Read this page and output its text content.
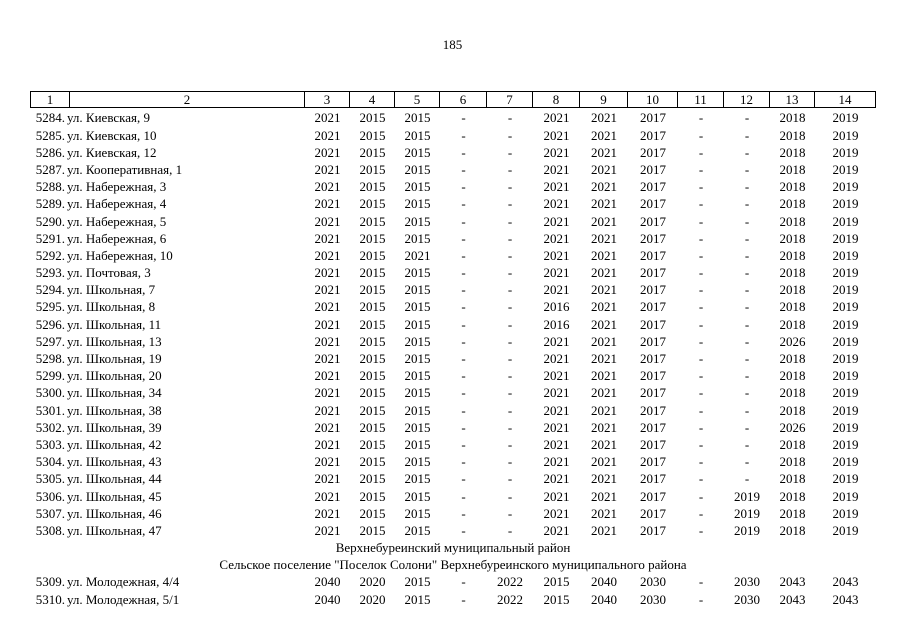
185
1	2	3	4	5	6	7	8	9	10	11	12	13	14
5284. ул. Киевская, 9	2021	2015	2015	-	-	2021	2021	2017	-	-	2018	2019
5285. ул. Киевская, 10	2021	2015	2015	-	-	2021	2021	2017	-	-	2018	2019
5286. ул. Киевская, 12	2021	2015	2015	-	-	2021	2021	2017	-	-	2018	2019
5287. ул. Кооперативная, 1	2021	2015	2015	-	-	2021	2021	2017	-	-	2018	2019
5288. ул. Набережная, 3	2021	2015	2015	-	-	2021	2021	2017	-	-	2018	2019
5289. ул. Набережная, 4	2021	2015	2015	-	-	2021	2021	2017	-	-	2018	2019
5290. ул. Набережная, 5	2021	2015	2015	-	-	2021	2021	2017	-	-	2018	2019
5291. ул. Набережная, 6	2021	2015	2015	-	-	2021	2021	2017	-	-	2018	2019
5292. ул. Набережная, 10	2021	2015	2021	-	-	2021	2021	2017	-	-	2018	2019
5293. ул. Почтовая, 3	2021	2015	2015	-	-	2021	2021	2017	-	-	2018	2019
5294. ул. Школьная, 7	2021	2015	2015	-	-	2021	2021	2017	-	-	2018	2019
5295. ул. Школьная, 8	2021	2015	2015	-	-	2016	2021	2017	-	-	2018	2019
5296. ул. Школьная, 11	2021	2015	2015	-	-	2016	2021	2017	-	-	2018	2019
5297. ул. Школьная, 13	2021	2015	2015	-	-	2021	2021	2017	-	-	2026	2019
5298. ул. Школьная, 19	2021	2015	2015	-	-	2021	2021	2017	-	-	2018	2019
5299. ул. Школьная, 20	2021	2015	2015	-	-	2021	2021	2017	-	-	2018	2019
5300. ул. Школьная, 34	2021	2015	2015	-	-	2021	2021	2017	-	-	2018	2019
5301. ул. Школьная, 38	2021	2015	2015	-	-	2021	2021	2017	-	-	2018	2019
5302. ул. Школьная, 39	2021	2015	2015	-	-	2021	2021	2017	-	-	2026	2019
5303. ул. Школьная, 42	2021	2015	2015	-	-	2021	2021	2017	-	-	2018	2019
5304. ул. Школьная, 43	2021	2015	2015	-	-	2021	2021	2017	-	-	2018	2019
5305. ул. Школьная, 44	2021	2015	2015	-	-	2021	2021	2017	-	-	2018	2019
5306. ул. Школьная, 45	2021	2015	2015	-	-	2021	2021	2017	-	2019	2018	2019
5307. ул. Школьная, 46	2021	2015	2015	-	-	2021	2021	2017	-	2019	2018	2019
5308. ул. Школьная, 47	2021	2015	2015	-	-	2021	2021	2017	-	2019	2018	2019
Верхнебуреинский муниципальный район
Сельское поселение "Поселок Солони" Верхнебуреинского муниципального района
5309. ул. Молодежная, 4/4	2040	2020	2015	-	2022	2015	2040	2030	-	2030	2043	2043
5310. ул. Молодежная, 5/1	2040	2020	2015	-	2022	2015	2040	2030	-	2030	2043	2043
